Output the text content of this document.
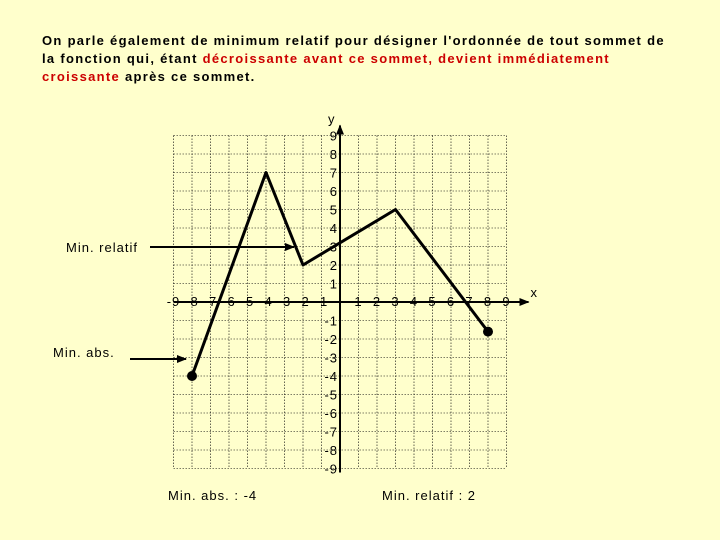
On parle également de minimum relatif pour désigner l'ordonnée de tout sommet de la fonction qui, étant décroissante avant ce sommet, devient immédiatement croissante après ce sommet.
x
y
-9 -8 -7 -6 -5 -4 -3 -2 -1 1 2 3 4 5 6 7 8 9
9
8
7
6
5
4
3
2
1
-1
-2
-3
-4
-5
-6
-7
-8
-9
Min. relatif
Min. abs.
Min. abs. : -4	Min. relatif : 2
